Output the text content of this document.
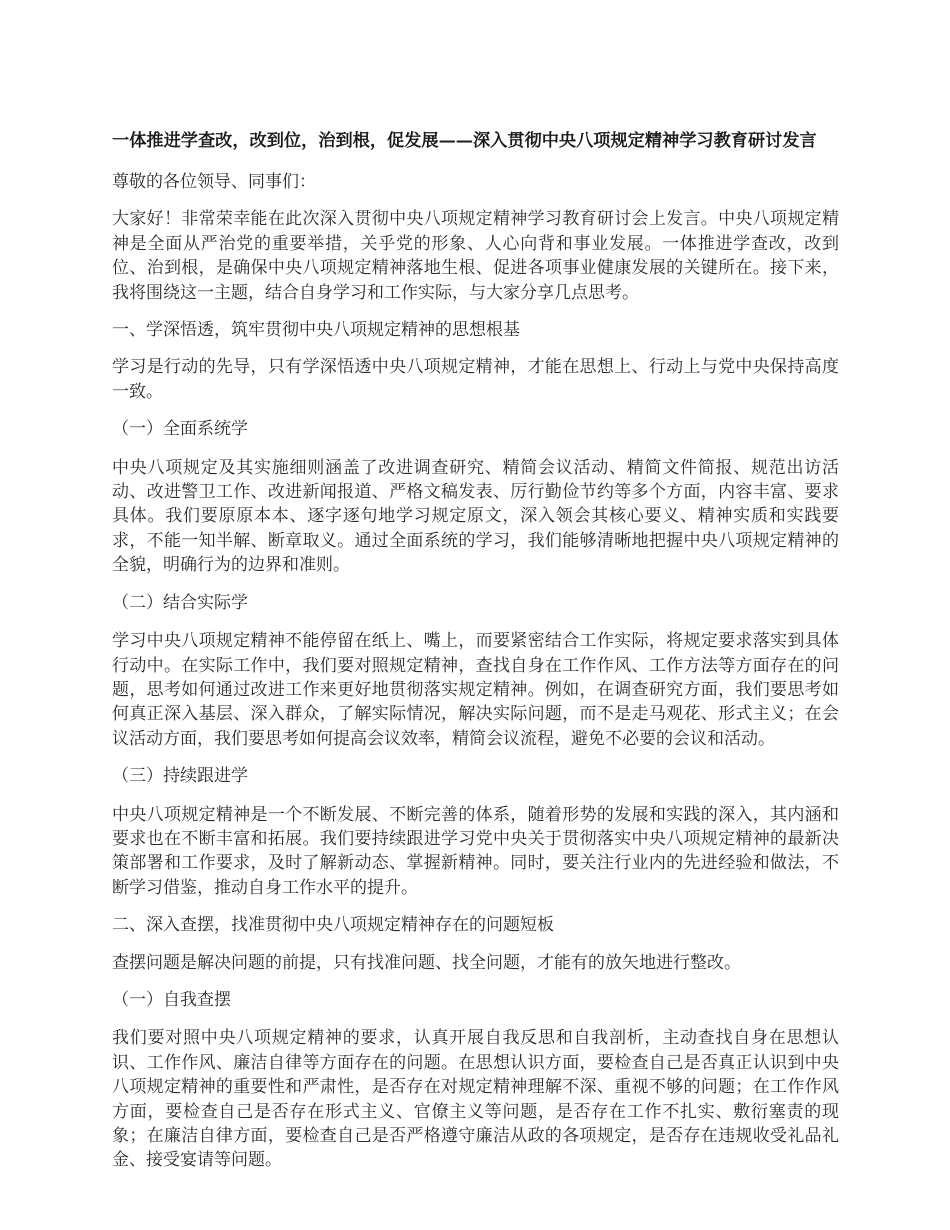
一体推进学查改，改到位，治到根，促发展——深入贯彻中央八项规定精神学习教育研讨发言

尊敬的各位领导、同事们：

大家好！非常荣幸能在此次深入贯彻中央八项规定精神学习教育研讨会上发言。中央八项规定精神是全面从严治党的重要举措，关乎党的形象、人心向背和事业发展。一体推进学查改，改到位、治到根，是确保中央八项规定精神落地生根、促进各项事业健康发展的关键所在。接下来，我将围绕这一主题，结合自身学习和工作实际，与大家分享几点思考。

一、学深悟透，筑牢贯彻中央八项规定精神的思想根基

学习是行动的先导，只有学深悟透中央八项规定精神，才能在思想上、行动上与党中央保持高度一致。

（一）全面系统学

中央八项规定及其实施细则涵盖了改进调查研究、精简会议活动、精简文件简报、规范出访活动、改进警卫工作、改进新闻报道、严格文稿发表、厉行勤俭节约等多个方面，内容丰富、要求具体。我们要原原本本、逐字逐句地学习规定原文，深入领会其核心要义、精神实质和实践要求，不能一知半解、断章取义。通过全面系统的学习，我们能够清晰地把握中央八项规定精神的全貌，明确行为的边界和准则。

（二）结合实际学

学习中央八项规定精神不能停留在纸上、嘴上，而要紧密结合工作实际，将规定要求落实到具体行动中。在实际工作中，我们要对照规定精神，查找自身在工作作风、工作方法等方面存在的问题，思考如何通过改进工作来更好地贯彻落实规定精神。例如，在调查研究方面，我们要思考如何真正深入基层、深入群众，了解实际情况，解决实际问题，而不是走马观花、形式主义；在会议活动方面，我们要思考如何提高会议效率，精简会议流程，避免不必要的会议和活动。

（三）持续跟进学

中央八项规定精神是一个不断发展、不断完善的体系，随着形势的发展和实践的深入，其内涵和要求也在不断丰富和拓展。我们要持续跟进学习党中央关于贯彻落实中央八项规定精神的最新决策部署和工作要求，及时了解新动态、掌握新精神。同时，要关注行业内的先进经验和做法，不断学习借鉴，推动自身工作水平的提升。

二、深入查摆，找准贯彻中央八项规定精神存在的问题短板

查摆问题是解决问题的前提，只有找准问题、找全问题，才能有的放矢地进行整改。

（一）自我查摆

我们要对照中央八项规定精神的要求，认真开展自我反思和自我剖析，主动查找自身在思想认识、工作作风、廉洁自律等方面存在的问题。在思想认识方面，要检查自己是否真正认识到中央八项规定精神的重要性和严肃性，是否存在对规定精神理解不深、重视不够的问题；在工作作风方面，要检查自己是否存在形式主义、官僚主义等问题，是否存在工作不扎实、敷衍塞责的现象；在廉洁自律方面，要检查自己是否严格遵守廉洁从政的各项规定，是否存在违规收受礼品礼金、接受宴请等问题。
